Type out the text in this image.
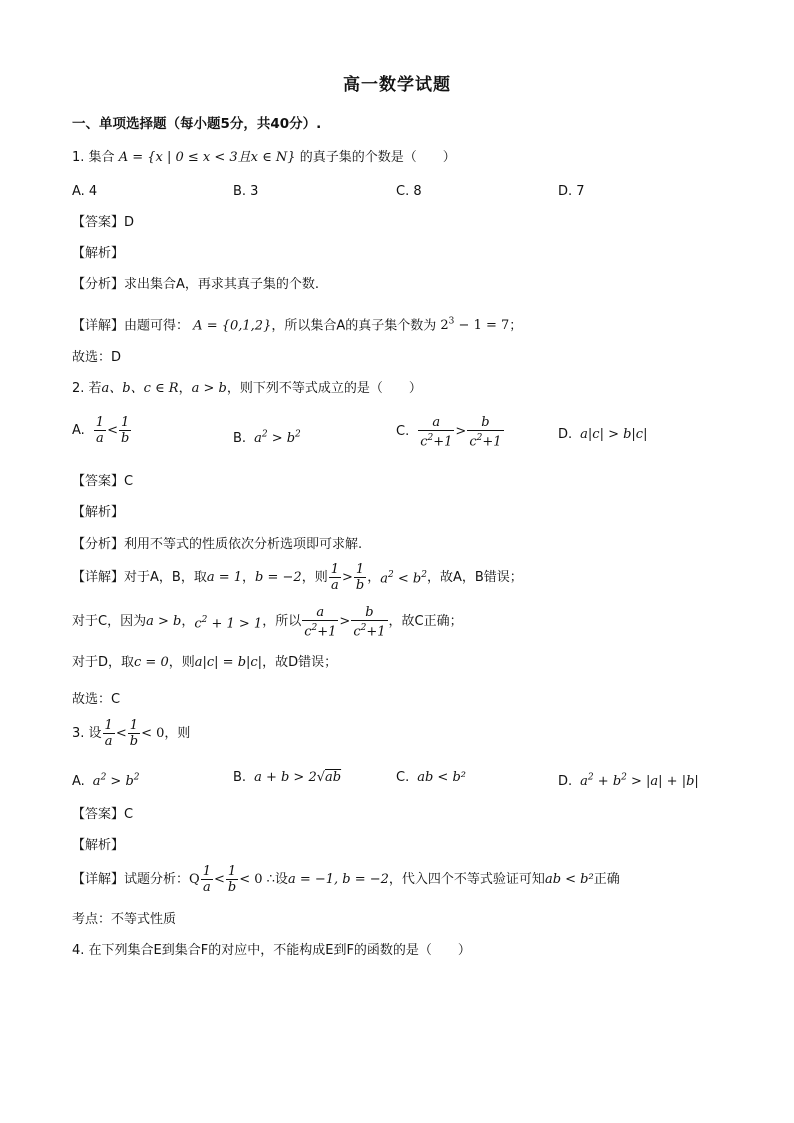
高一数学试题
一、单项选择题（每小题5分，共40分）.
1. 集合 A = {x | 0 ≤ x < 3且x ∈ N} 的真子集的个数是（　　）
A. 4	B. 3	C. 8	D. 7
【答案】D
【解析】
【分析】求出集合A，再求其真子集的个数.
【详解】由题可得： A = {0,1,2}，所以集合A的真子集个数为 $2^3 - 1 = 7$；
故选：D
2. 若a、b、c ∈ R，a > b，则下列不等式成立的是（　　）
A. $\frac{1}{a} < \frac{1}{b}$	B. $a^2 > b^2$	C. $\frac{a}{c^2+1} > \frac{b}{c^2+1}$	D. a|c| > b|c|
【答案】C
【解析】
【分析】利用不等式的性质依次分析选项即可求解.
【详解】对于A，B，取a = 1，b = −2，则 $\frac{1}{a} > \frac{1}{b}$ ，$a^2 < b^2$，故A，B错误；
对于C，因为a > b，$c^2 + 1 > 1$，所以 $\frac{a}{c^2+1} > \frac{b}{c^2+1}$ ，故C正确；
对于D，取c = 0，则a|c| = b|c|，故D错误；
故选：C
3. 设 $\frac{1}{a} < \frac{1}{b} < 0$，则
A. $a^2 > b^2$	B. a + b > 2√ab	C. ab < b²	D. $a^2 + b^2 > |a| + |b|$
【答案】C
【解析】
【详解】试题分析：Q $\frac{1}{a} < \frac{1}{b} < 0$ ∴设a = −1, b = −2，代入四个不等式验证可知ab < b²正确
考点：不等式性质
4. 在下列集合E到集合F的对应中，不能构成E到F的函数的是（　　）
